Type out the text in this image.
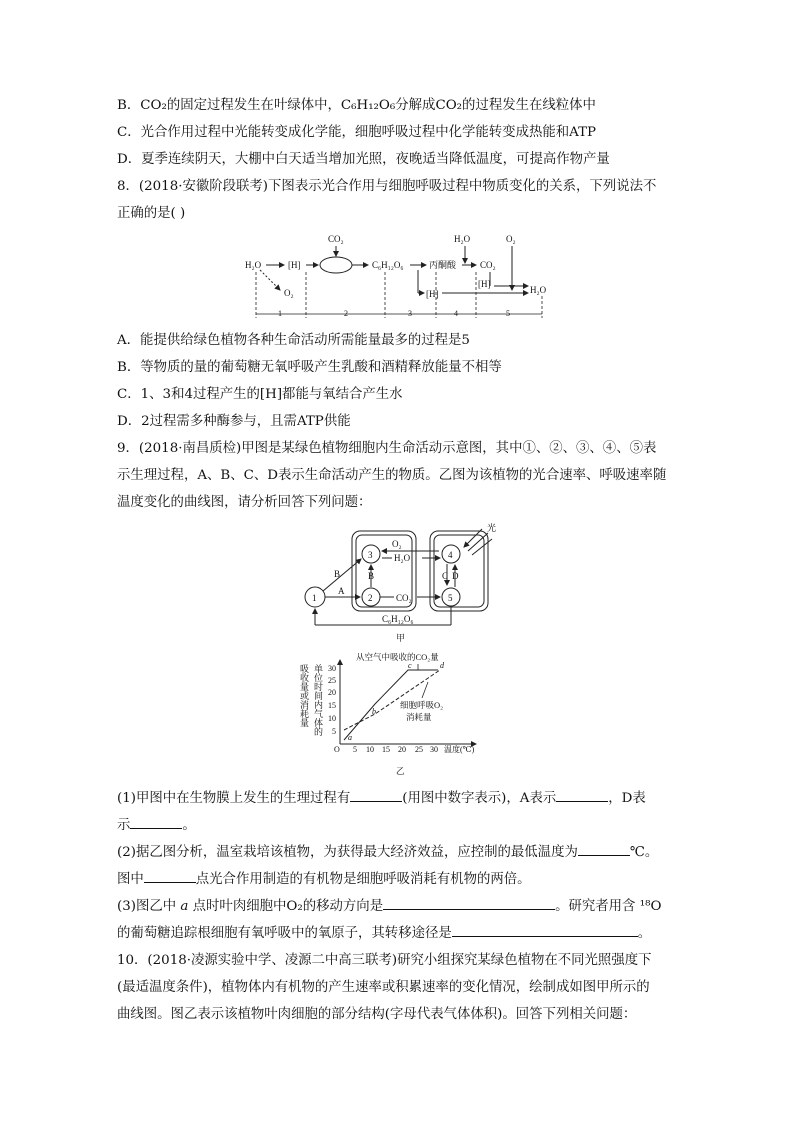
B．CO₂的固定过程发生在叶绿体中，C₆H₁₂O₆分解成CO₂的过程发生在线粒体中
C．光合作用过程中光能转变成化学能，细胞呼吸过程中化学能转变成热能和ATP
D．夏季连续阴天，大棚中白天适当增加光照，夜晚适当降低温度，可提高作物产量
8．(2018·安徽阶段联考)下图表示光合作用与细胞呼吸过程中物质变化的关系，下列说法不
正确的是( )
H₂O	[H]
CO₂
C₆H₁₂O₆
O₂
丙酮酸
H₂O
CO₂
O₂
[H]
[H]	H₂O
1	2	3	4	5
A．能提供给绿色植物各种生命活动所需能量最多的过程是5
B．等物质的量的葡萄糖无氧呼吸产生乳酸和酒精释放能量不相等
C．1、3和4过程产生的[H]都能与氧结合产生水
D．2过程需多种酶参与，且需ATP供能
9．(2018·南昌质检)甲图是某绿色植物细胞内生命活动示意图，其中①、②、③、④、⑤表
示生理过程，A、B、C、D表示生命活动产生的物质。乙图为该植物的光合速率、呼吸速率随
温度变化的曲线图，请分析回答下列问题：
1	2
3	4
5
A
B	B
O₂
H₂O
CO₂
C D
光
C₆H₁₂O₆
甲
O 5 10 15 20 25 30 温度(℃)
5
10
15
20
25
30
吸收量或消耗量 单位时间内气体的
a
b
c	d
从空气中吸收的CO₂量
细胞呼吸O₂
消耗量
乙
(1)甲图中在生物膜上发生的生理过程有	(用图中数字表示)，A表示	，D表
示	。
(2)据乙图分析，温室栽培该植物，为获得最大经济效益，应控制的最低温度为	℃。
图中	点光合作用制造的有机物是细胞呼吸消耗有机物的两倍。
(3)图乙中 a 点时叶肉细胞中O₂的移动方向是	。研究者用含 ¹⁸O
的葡萄糖追踪根细胞有氧呼吸中的氧原子，其转移途径是	。
10．(2018·凌源实验中学、凌源二中高三联考)研究小组探究某绿色植物在不同光照强度下
(最适温度条件)，植物体内有机物的产生速率或积累速率的变化情况，绘制成如图甲所示的
曲线图。图乙表示该植物叶肉细胞的部分结构(字母代表气体体积)。回答下列相关问题：
